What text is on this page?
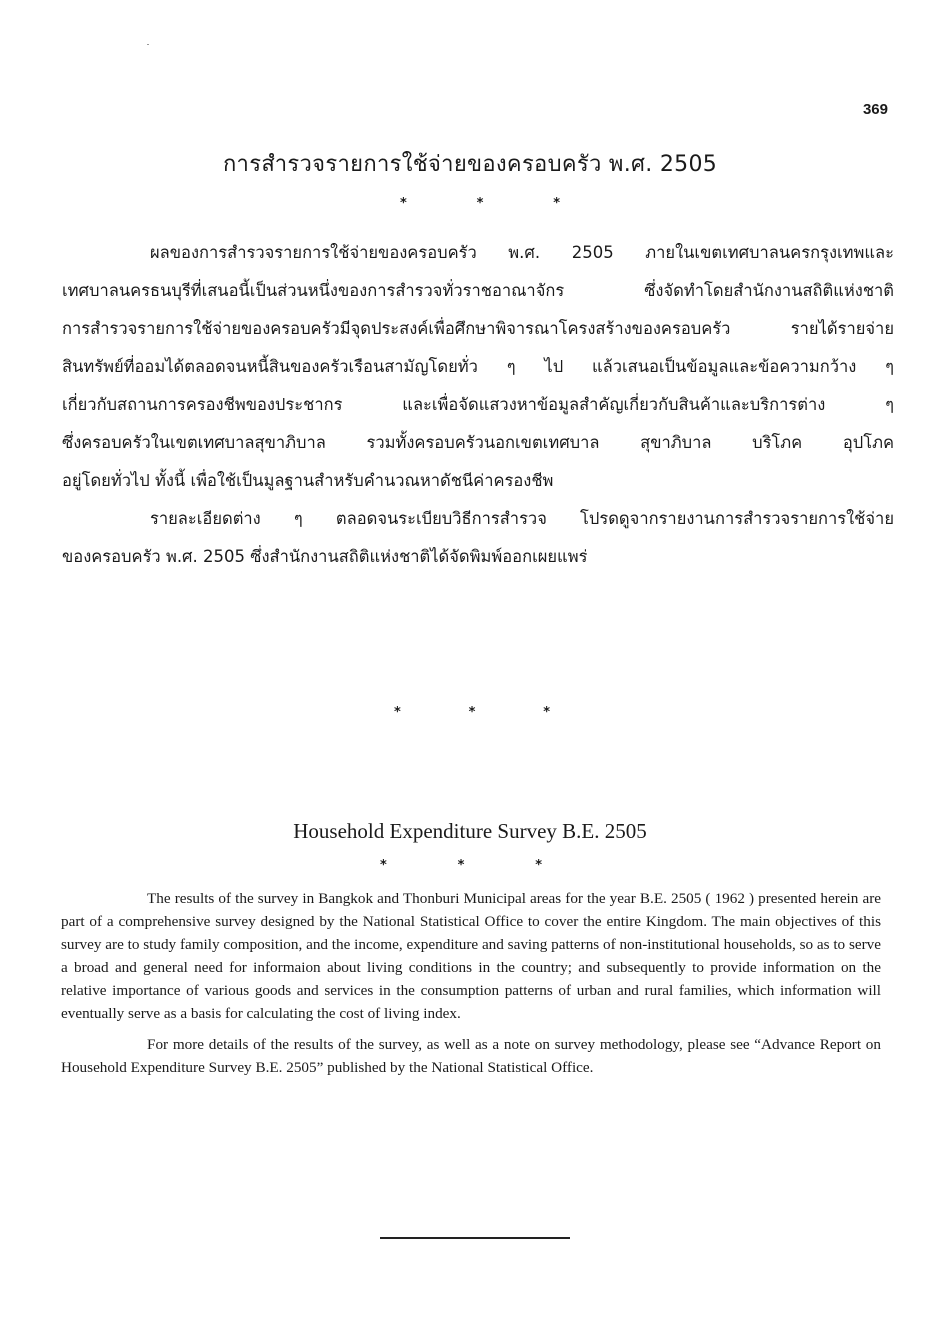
369
การสำรวจรายการใช้จ่ายของครอบครัว พ.ศ. 2505
*	*	*
ผลของการสำรวจรายการใช้จ่ายของครอบครัว พ.ศ. 2505 ภายในเขตเทศบาลนครกรุงเทพและ
เทศบาลนครธนบุรีที่เสนอนี้เป็นส่วนหนึ่งของการสำรวจทั่วราชอาณาจักร ซึ่งจัดทำโดยสำนักงานสถิติแห่งชาติ
การสำรวจรายการใช้จ่ายของครอบครัวมีจุดประสงค์เพื่อศึกษาพิจารณาโครงสร้างของครอบครัว รายได้รายจ่าย
สินทรัพย์ที่ออมได้ตลอดจนหนี้สินของครัวเรือนสามัญโดยทั่ว ๆ ไป แล้วเสนอเป็นข้อมูลและข้อความกว้าง ๆ
เกี่ยวกับสถานการครองชีพของประชากร และเพื่อจัดแสวงหาข้อมูลสำคัญเกี่ยวกับสินค้าและบริการต่าง ๆ
ซึ่งครอบครัวในเขตเทศบาลสุขาภิบาล รวมทั้งครอบครัวนอกเขตเทศบาล สุขาภิบาล บริโภค อุปโภค
อยู่โดยทั่วไป ทั้งนี้ เพื่อใช้เป็นมูลฐานสำหรับคำนวณหาดัชนีค่าครองชีพ
รายละเอียดต่าง ๆ ตลอดจนระเบียบวิธีการสำรวจ โปรดดูจากรายงานการสำรวจรายการใช้จ่าย
ของครอบครัว พ.ศ. 2505 ซึ่งสำนักงานสถิติแห่งชาติได้จัดพิมพ์ออกเผยแพร่
*	*	*
Household Expenditure Survey B.E. 2505
*	*	*

The results of the survey in Bangkok and Thonburi Municipal areas for the year B.E. 2505 ( 1962 ) presented herein are part of a comprehensive survey designed by the National Statistical Office to cover the entire Kingdom. The main objectives of this survey are to study family composition, and the income, expenditure and saving patterns of non-institutional households, so as to serve a broad and general need for informaion about living conditions in the country; and subsequently to provide information on the relative importance of various goods and services in the consumption patterns of urban and rural families, which information will eventually serve as a basis for calculating the cost of living index.

For more details of the results of the survey, as well as a note on survey methodology, please see “Advance Report on Household Expenditure Survey B.E. 2505” published by the National Statistical Office.
